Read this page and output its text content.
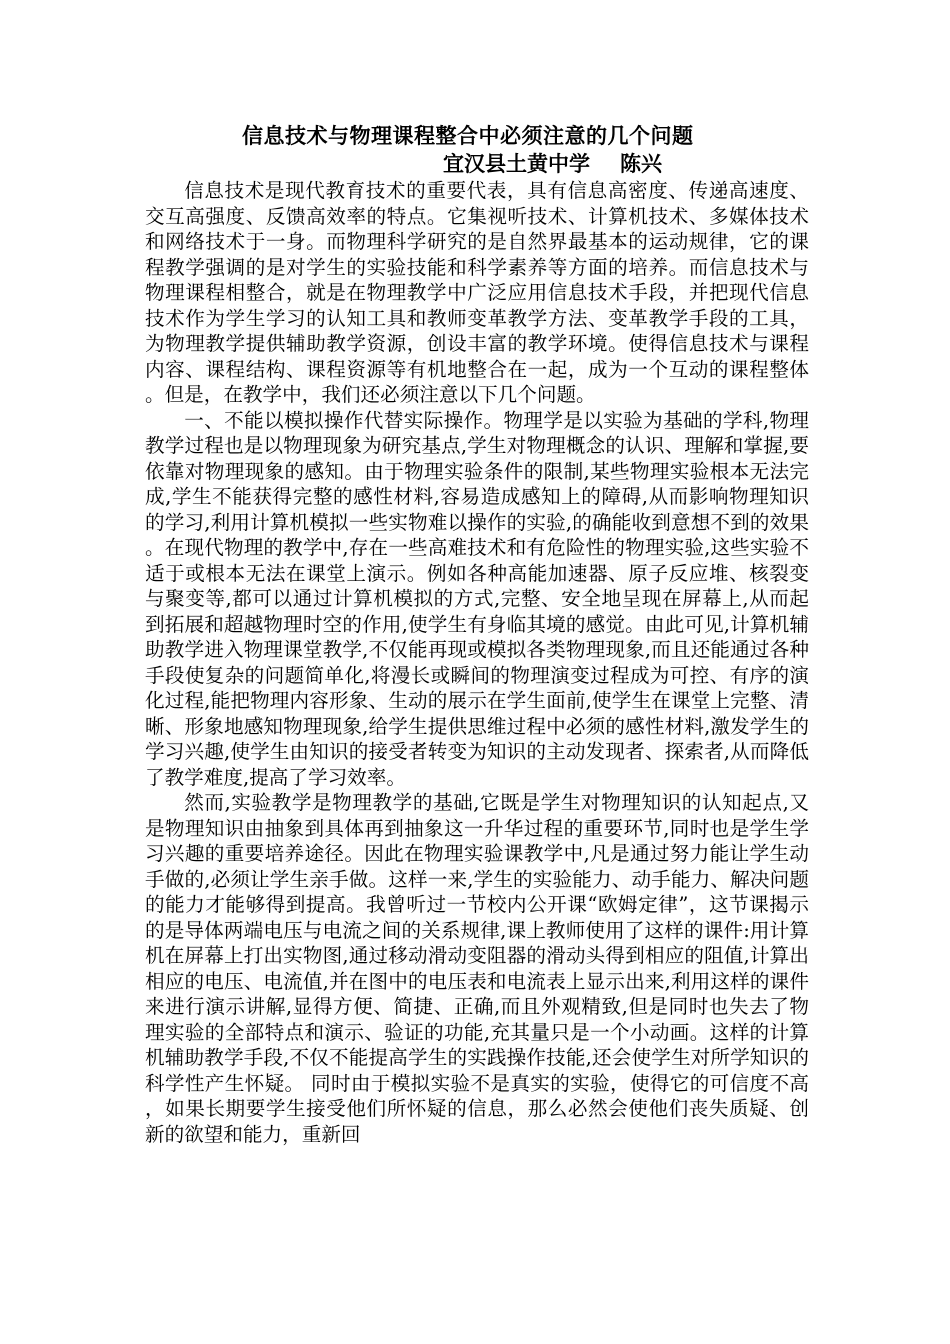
信息技术与物理课程整合中必须注意的几个问题

宜汉县土黄中学 陈兴

信息技术是现代教育技术的重要代表，具有信息高密度、传递高速度、交互高强度、反馈高效率的特点。它集视听技术、计算机技术、多媒体技术和网络技术于一身。而物理科学研究的是自然界最基本的运动规律，它的课程教学强调的是对学生的实验技能和科学素养等方面的培养。而信息技术与物理课程相整合，就是在物理教学中广泛应用信息技术手段，并把现代信息技术作为学生学习的认知工具和教师变革教学方法、变革教学手段的工具，为物理教学提供辅助教学资源，创设丰富的教学环境。使得信息技术与课程内容、课程结构、课程资源等有机地整合在一起，成为一个互动的课程整体。但是，在教学中，我们还必须注意以下几个问题。

一、不能以模拟操作代替实际操作。物理学是以实验为基础的学科,物理教学过程也是以物理现象为研究基点,学生对物理概念的认识、理解和掌握,要依靠对物理现象的感知。由于物理实验条件的限制,某些物理实验根本无法完成,学生不能获得完整的感性材料,容易造成感知上的障碍,从而影响物理知识的学习,利用计算机模拟一些实物难以操作的实验,的确能收到意想不到的效果。在现代物理的教学中,存在一些高难技术和有危险性的物理实验,这些实验不适于或根本无法在课堂上演示。例如各种高能加速器、原子反应堆、核裂变与聚变等,都可以通过计算机模拟的方式,完整、安全地呈现在屏幕上,从而起到拓展和超越物理时空的作用,使学生有身临其境的感觉。由此可见,计算机辅助教学进入物理课堂教学,不仅能再现或模拟各类物理现象,而且还能通过各种手段使复杂的问题简单化,将漫长或瞬间的物理演变过程成为可控、有序的演化过程,能把物理内容形象、生动的展示在学生面前,使学生在课堂上完整、清晰、形象地感知物理现象,给学生提供思维过程中必须的感性材料,激发学生的学习兴趣,使学生由知识的接受者转变为知识的主动发现者、探索者,从而降低了教学难度,提高了学习效率。

然而,实验教学是物理教学的基础,它既是学生对物理知识的认知起点,又是物理知识由抽象到具体再到抽象这一升华过程的重要环节,同时也是学生学习兴趣的重要培养途径。因此在物理实验课教学中,凡是通过努力能让学生动手做的,必须让学生亲手做。这样一来,学生的实验能力、动手能力、解决问题的能力才能够得到提高。我曾听过一节校内公开课“欧姆定律”，这节课揭示的是导体两端电压与电流之间的关系规律,课上教师使用了这样的课件:用计算机在屏幕上打出实物图,通过移动滑动变阻器的滑动头得到相应的阻值,计算出相应的电压、电流值,并在图中的电压表和电流表上显示出来,利用这样的课件来进行演示讲解,显得方便、简捷、正确,而且外观精致,但是同时也失去了物理实验的全部特点和演示、验证的功能,充其量只是一个小动画。这样的计算机辅助教学手段,不仅不能提高学生的实践操作技能,还会使学生对所学知识的科学性产生怀疑。 同时由于模拟实验不是真实的实验，使得它的可信度不高，如果长期要学生接受他们所怀疑的信息，那么必然会使他们丧失质疑、创新的欲望和能力，重新回
